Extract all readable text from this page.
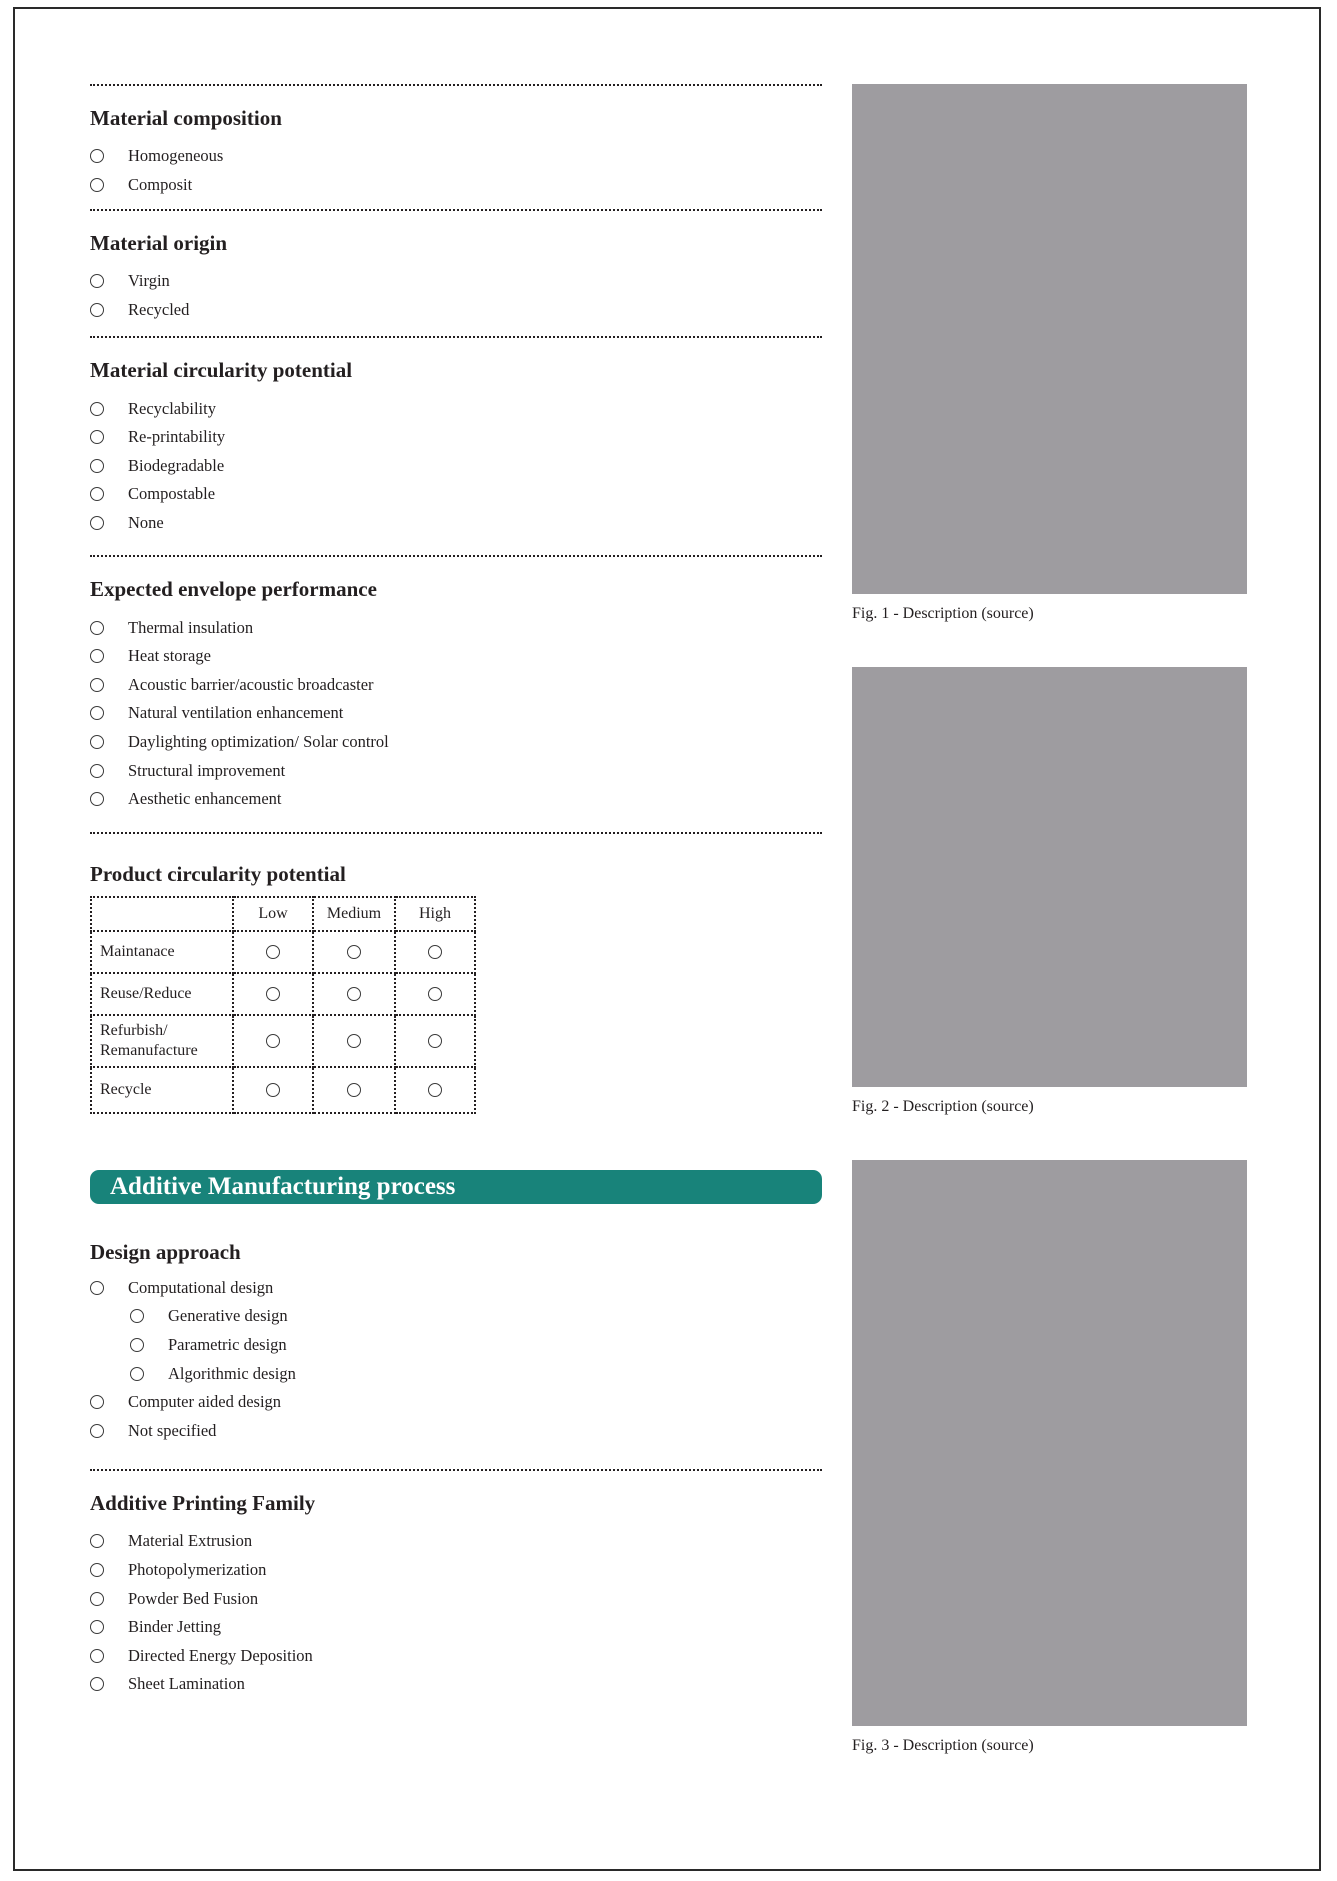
Material composition
Homogeneous
Composit
Material origin
Virgin
Recycled
Material circularity potential
Recyclability
Re-printability
Biodegradable
Compostable
None
Expected envelope performance
Thermal insulation
Heat storage
Acoustic barrier/acoustic broadcaster
Natural ventilation enhancement
Daylighting optimization/ Solar control
Structural improvement
Aesthetic enhancement
Product circularity potential
	Low	Medium	High
Maintanace			
Reuse/Reduce			
Refurbish/ Remanufacture			
Recycle			
Additive Manufacturing process
Design approach
Computational design
Generative design
Parametric design
Algorithmic design
Computer aided design
Not specified
Additive Printing Family
Material Extrusion
Photopolymerization
Powder Bed Fusion
Binder Jetting
Directed Energy Deposition
Sheet Lamination
Fig. 1 - Description (source)
Fig. 2 - Description (source)
Fig. 3 - Description (source)
